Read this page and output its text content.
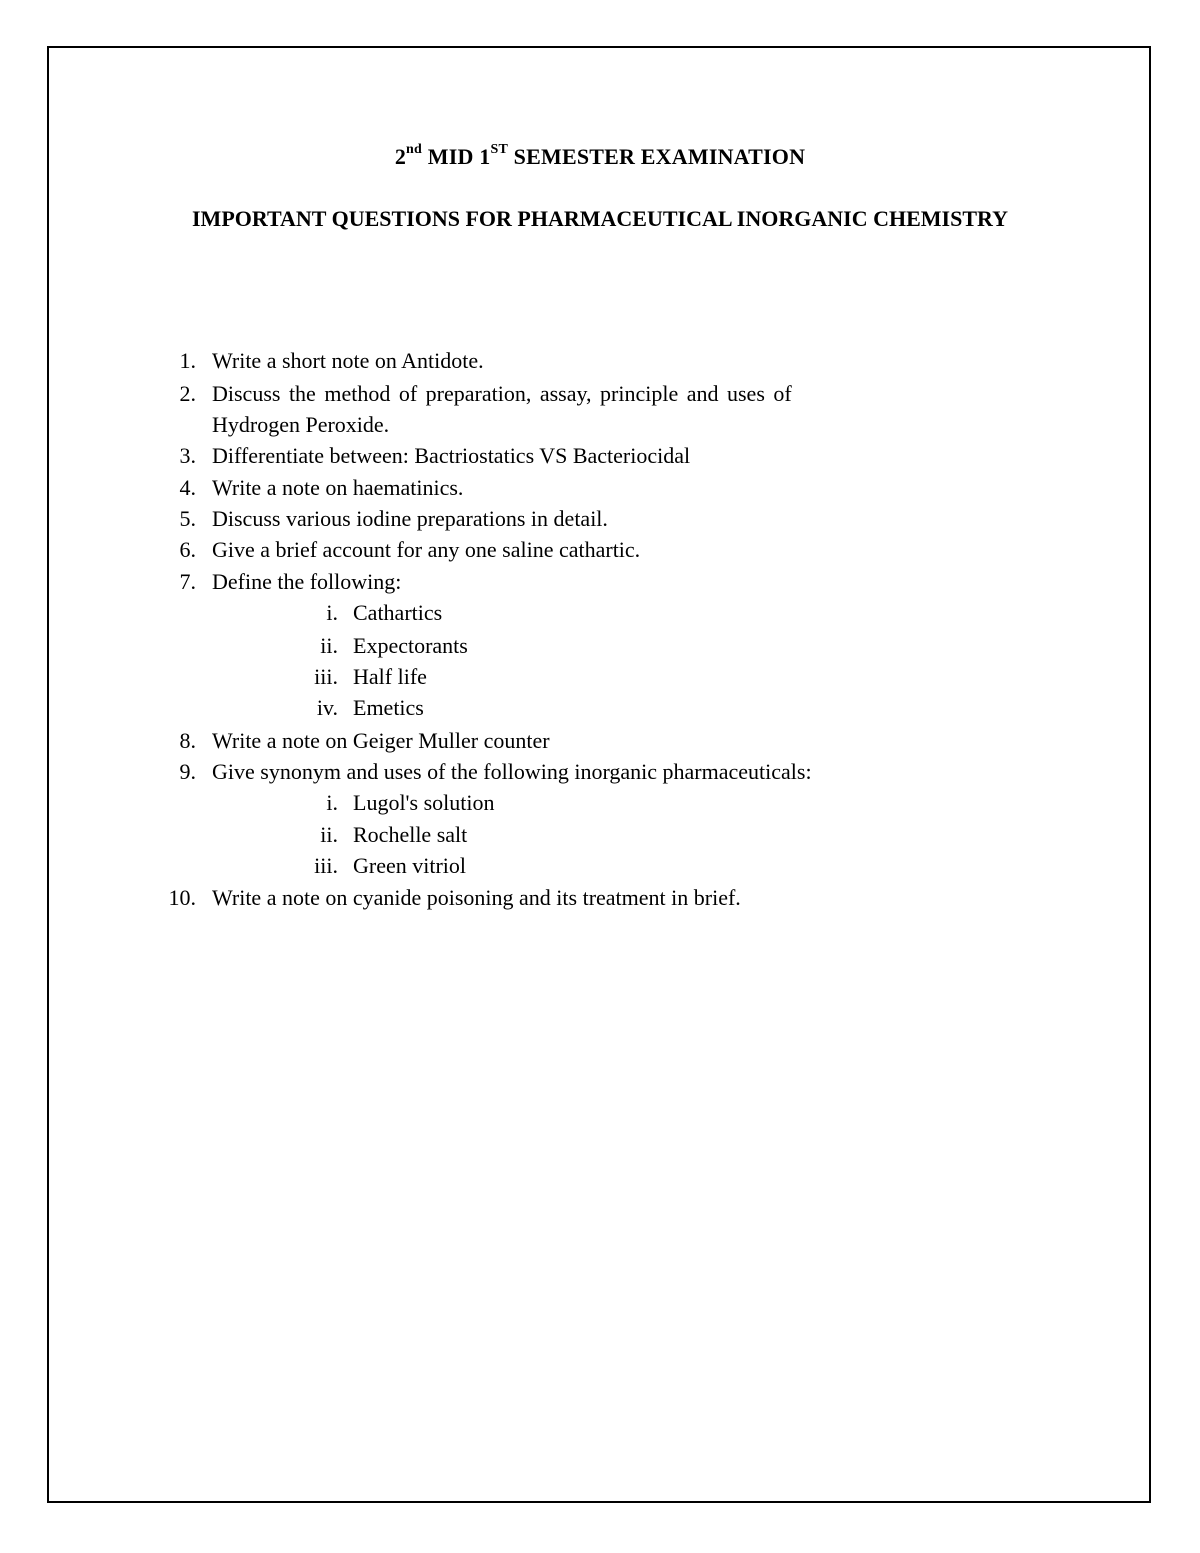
2nd MID 1ST SEMESTER EXAMINATION
IMPORTANT QUESTIONS FOR PHARMACEUTICAL INORGANIC CHEMISTRY
1. Write a short note on Antidote.
2. Discuss the method of preparation, assay, principle and uses of
Hydrogen Peroxide.
3. Differentiate between: Bactriostatics VS Bacteriocidal
4. Write a note on haematinics.
5. Discuss various iodine preparations in detail.
6. Give a brief account for any one saline cathartic.
7. Define the following:
i. Cathartics
ii. Expectorants
iii. Half life
iv. Emetics
8. Write a note on Geiger Muller counter
9. Give synonym and uses of the following inorganic pharmaceuticals:
i. Lugol's solution
ii. Rochelle salt
iii. Green vitriol
10. Write a note on cyanide poisoning and its treatment in brief.
